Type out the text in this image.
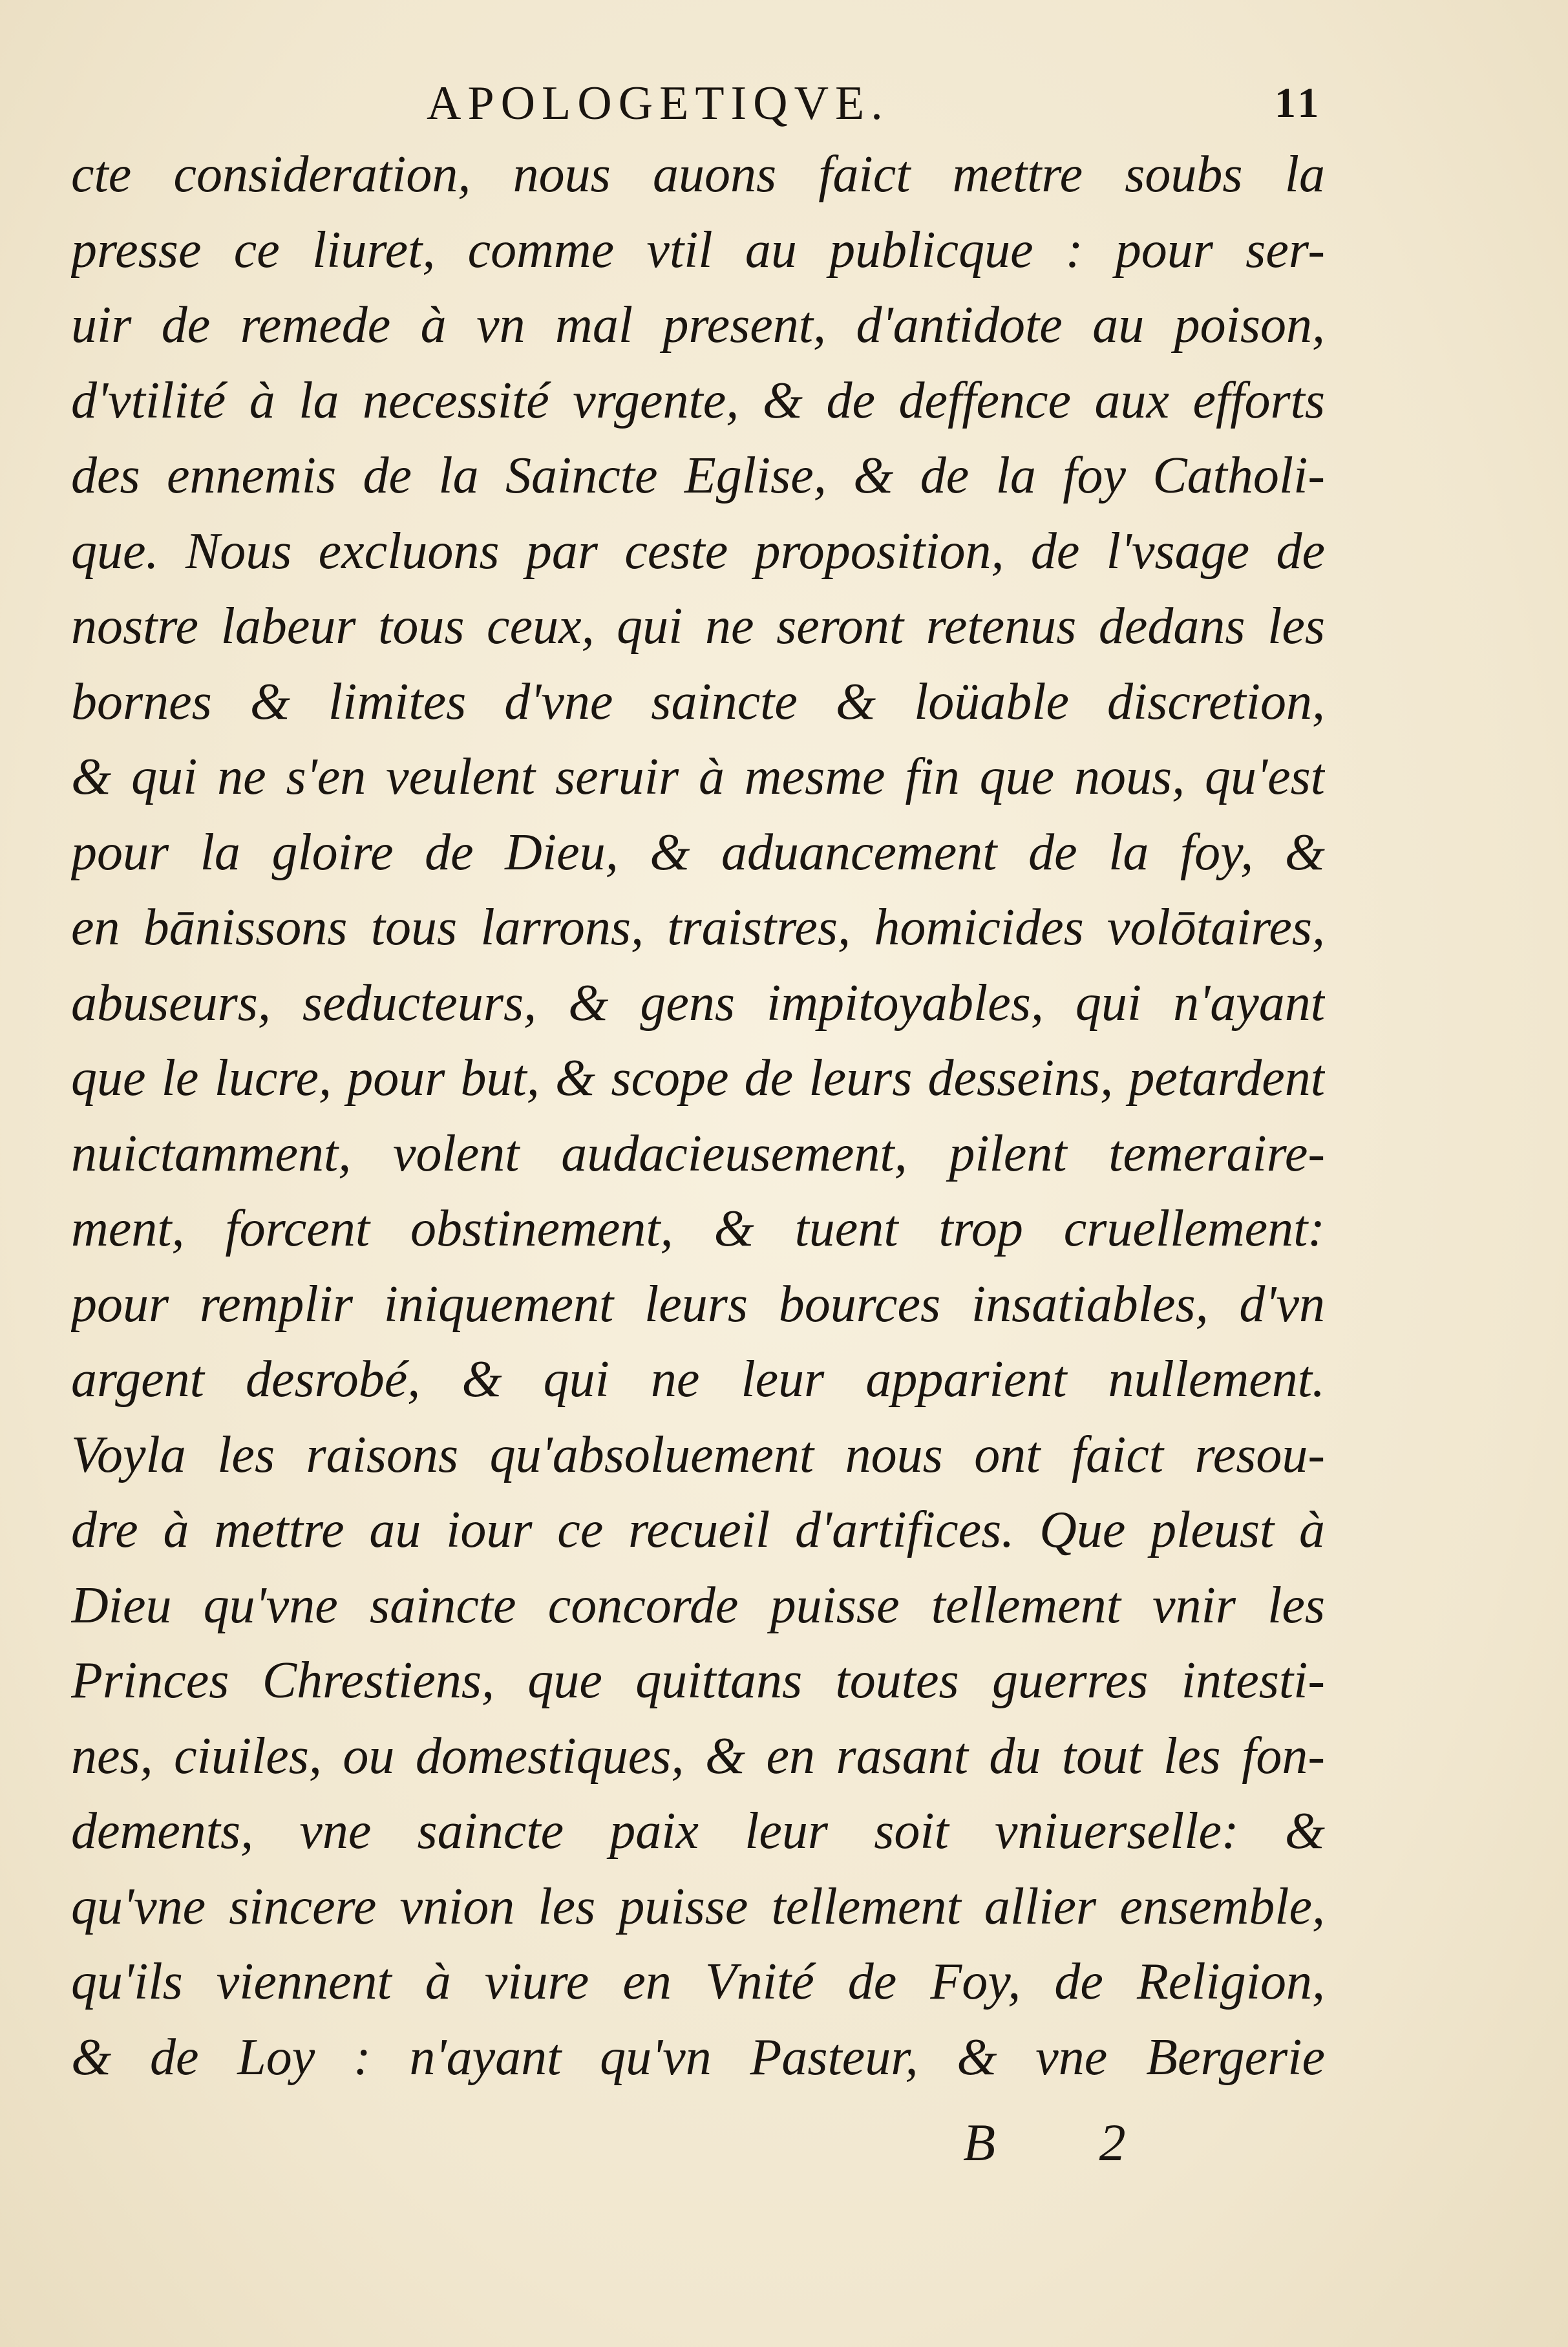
APOLOGETIQVE.	11
cte consideration, nous auons faict mettre soubs la
presse ce liuret, comme vtil au publicque : pour ser-
uir de remede à vn mal present, d'antidote au poison,
d'vtilité à la necessité vrgente, & de deffence aux efforts
des ennemis de la Saincte Eglise, & de la foy Catholi-
que. Nous excluons par ceste proposition, de l'vsage de
nostre labeur tous ceux, qui ne seront retenus dedans les
bornes & limites d'vne saincte & loüable discretion,
& qui ne s'en veulent seruir à mesme fin que nous, qu'est
pour la gloire de Dieu, & aduancement de la foy, &
en bānissons tous larrons, traistres, homicides volōtaires,
abuseurs, seducteurs, & gens impitoyables, qui n'ayant
que le lucre, pour but, & scope de leurs desseins, petardent
nuictamment, volent audacieusement, pilent temeraire-
ment, forcent obstinement, & tuent trop cruellement:
pour remplir iniquement leurs bources insatiables, d'vn
argent desrobé, & qui ne leur apparient nullement.
Voyla les raisons qu'absoluement nous ont faict resou-
dre à mettre au iour ce recueil d'artifices. Que pleust à
Dieu qu'vne saincte concorde puisse tellement vnir les
Princes Chrestiens, que quittans toutes guerres intesti-
nes, ciuiles, ou domestiques, & en rasant du tout les fon-
dements, vne saincte paix leur soit vniuerselle: &
qu'vne sincere vnion les puisse tellement allier ensemble,
qu'ils viennent à viure en Vnité de Foy, de Religion,
& de Loy : n'ayant qu'vn Pasteur, & vne Bergerie
B 2
